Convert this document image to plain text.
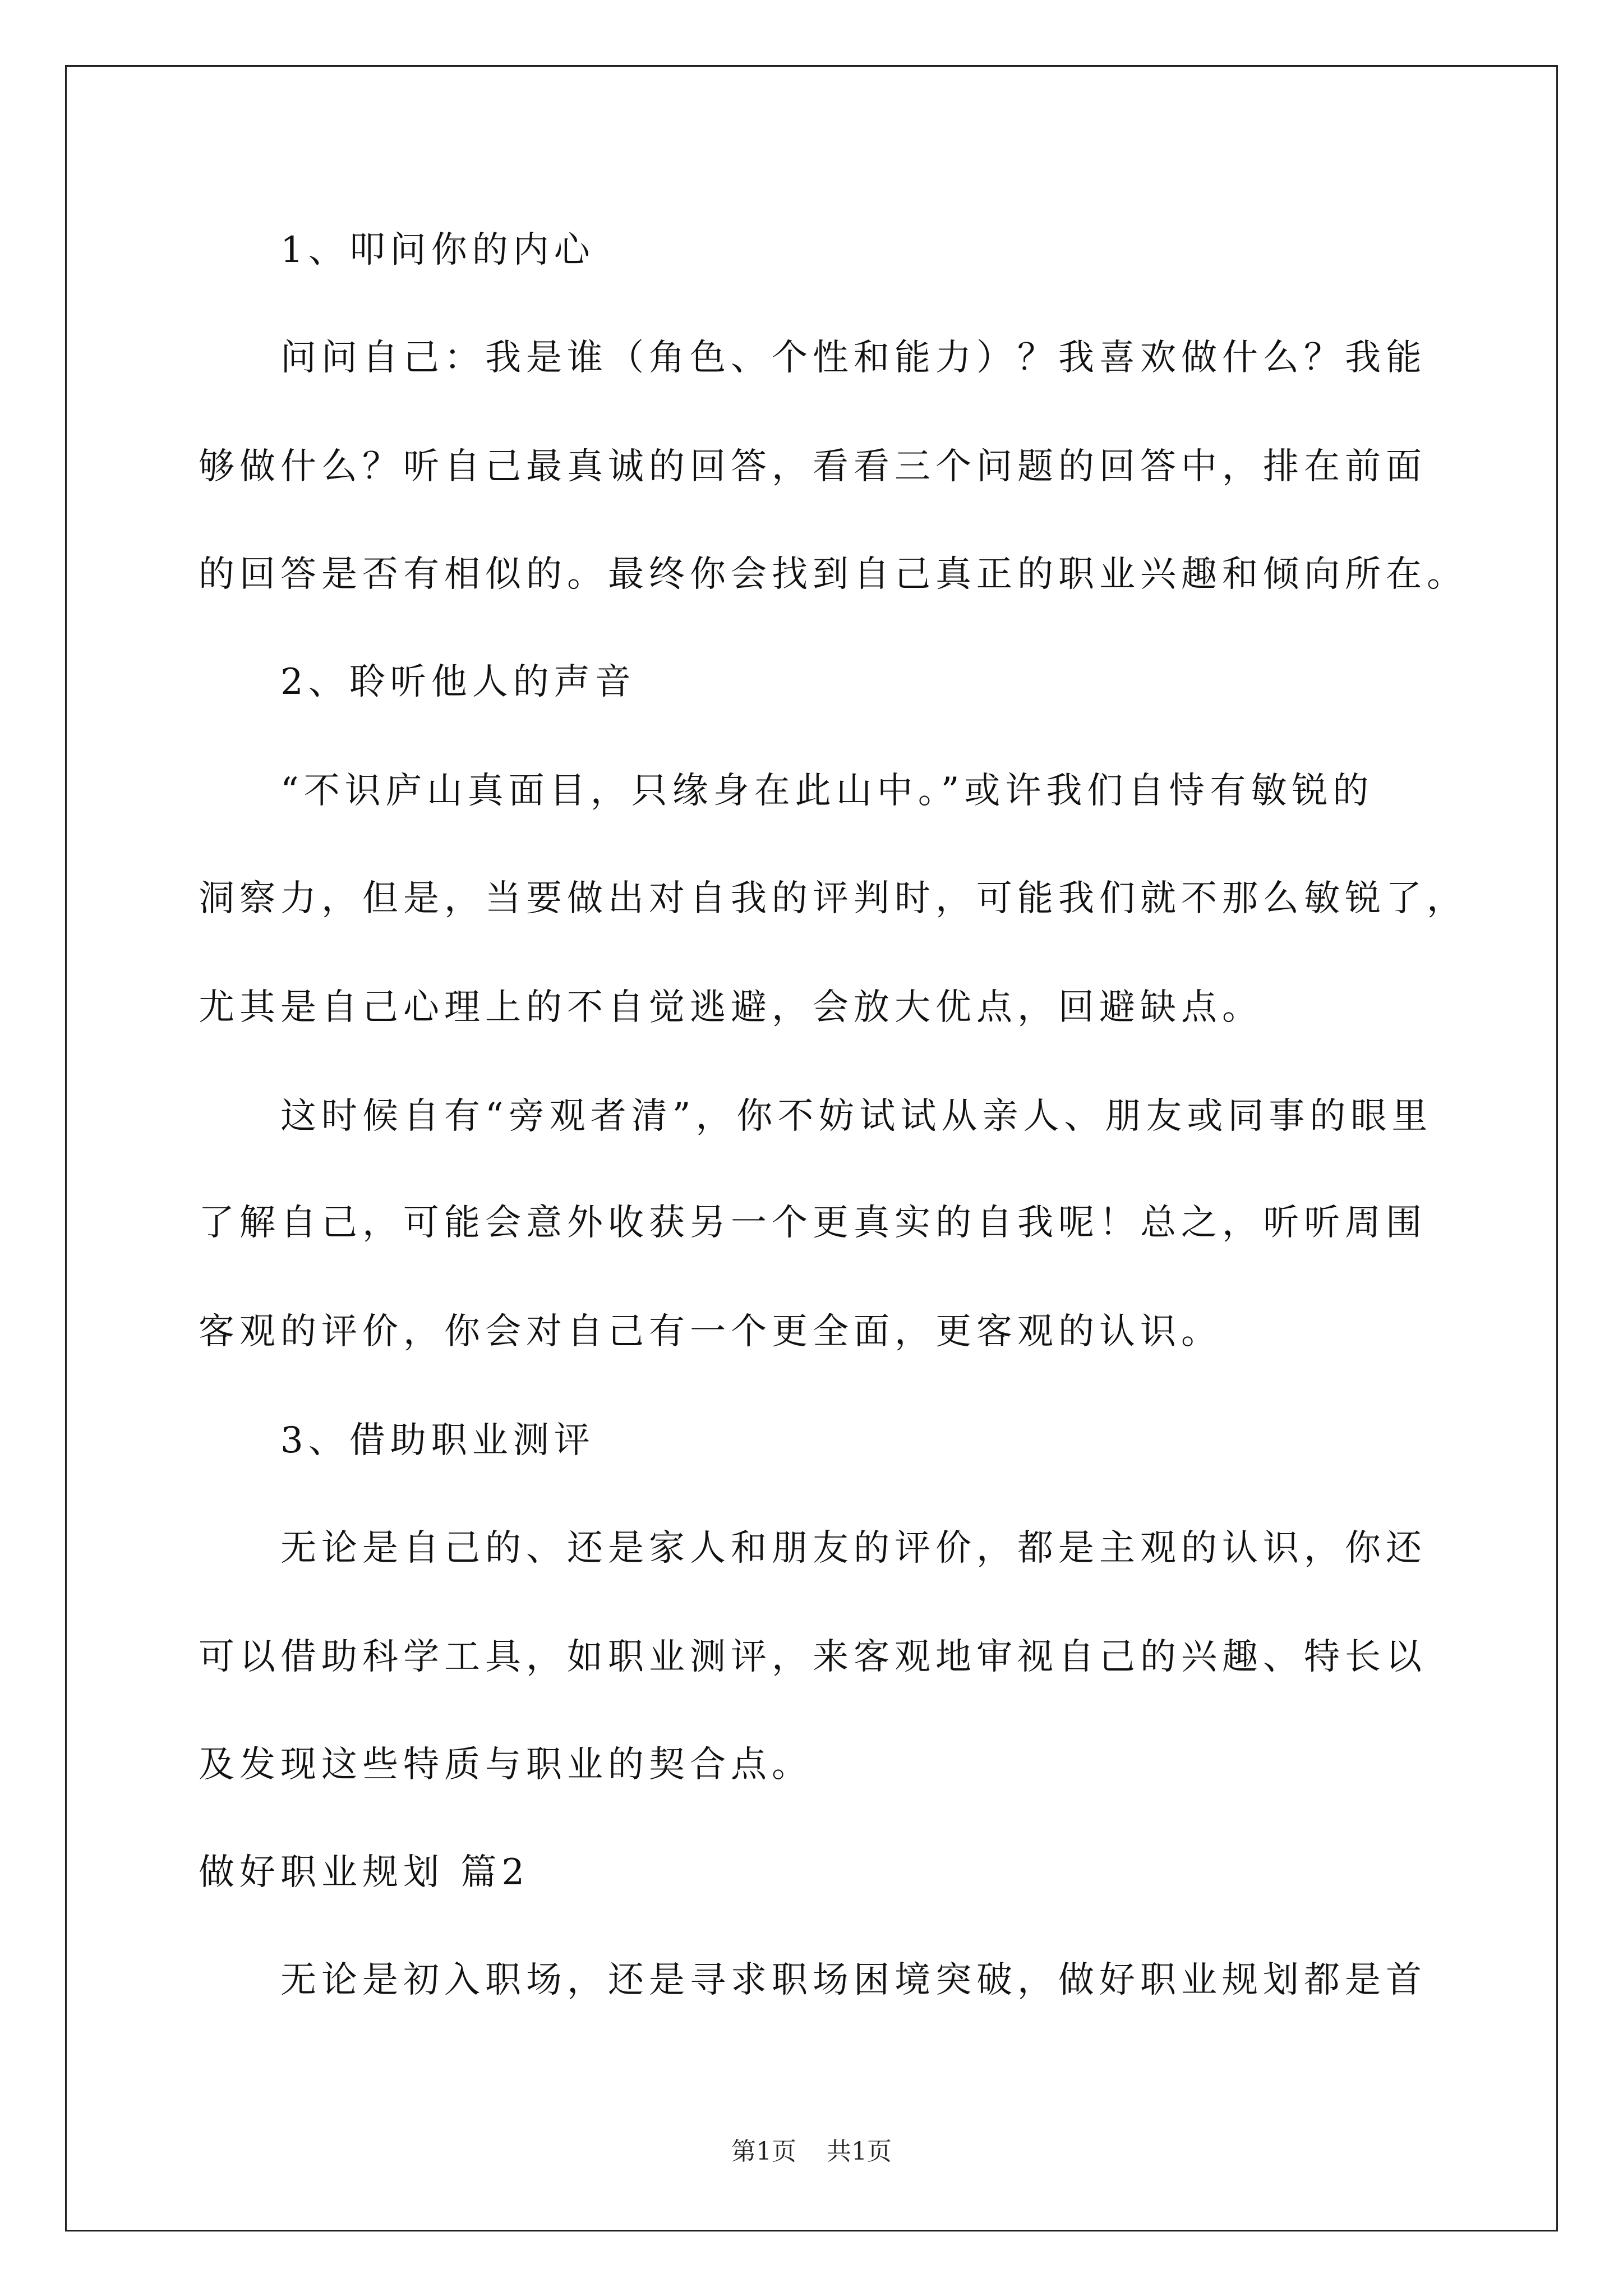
1、叩问你的内心
问问自己：我是谁（角色、个性和能力）？我喜欢做什么？我能
够做什么？听自己最真诚的回答，看看三个问题的回答中，排在前面
的回答是否有相似的。最终你会找到自己真正的职业兴趣和倾向所在。
2、聆听他人的声音
“不识庐山真面目，只缘身在此山中。”或许我们自恃有敏锐的
洞察力，但是，当要做出对自我的评判时，可能我们就不那么敏锐了，
尤其是自己心理上的不自觉逃避，会放大优点，回避缺点。
这时候自有“旁观者清”，你不妨试试从亲人、朋友或同事的眼里
了解自己，可能会意外收获另一个更真实的自我呢！总之，听听周围
客观的评价，你会对自己有一个更全面，更客观的认识。
3、借助职业测评
无论是自己的、还是家人和朋友的评价，都是主观的认识，你还
可以借助科学工具，如职业测评，来客观地审视自己的兴趣、特长以
及发现这些特质与职业的契合点。
做好职业规划 篇2
无论是初入职场，还是寻求职场困境突破，做好职业规划都是首
第1页 共1页
